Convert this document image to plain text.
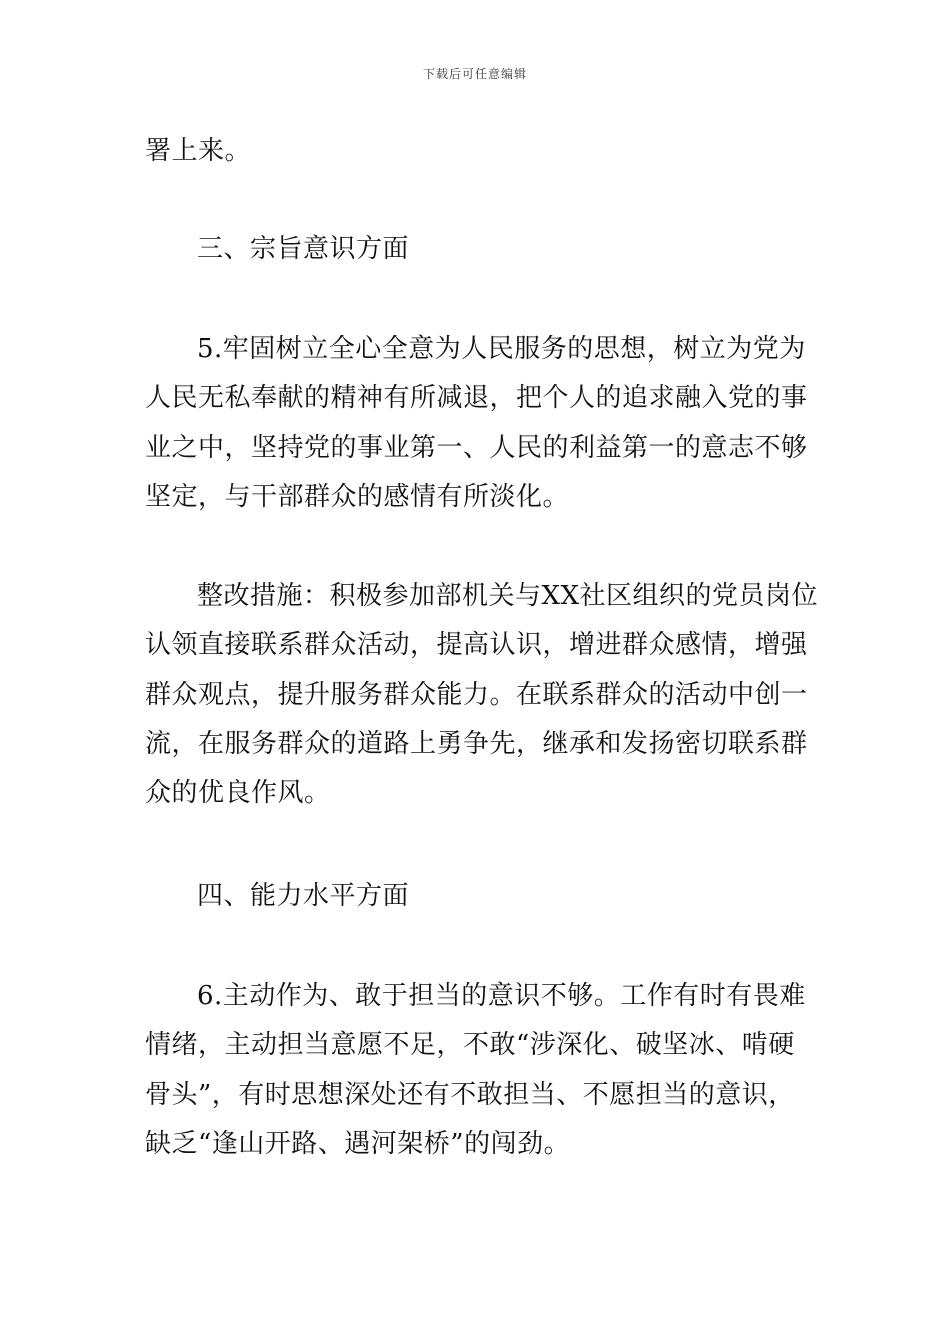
下载后可任意编辑
署上来。
三、宗旨意识方面
5.牢固树立全心全意为人民服务的思想，树立为党为
人民无私奉献的精神有所减退，把个人的追求融入党的事
业之中，坚持党的事业第一、人民的利益第一的意志不够
坚定，与干部群众的感情有所淡化。
整改措施：积极参加部机关与XX社区组织的党员岗位
认领直接联系群众活动，提高认识，增进群众感情，增强
群众观点，提升服务群众能力。在联系群众的活动中创一
流，在服务群众的道路上勇争先，继承和发扬密切联系群
众的优良作风。
四、能力水平方面
6.主动作为、敢于担当的意识不够。工作有时有畏难
情绪，主动担当意愿不足，不敢“涉深化、破坚冰、啃硬
骨头”，有时思想深处还有不敢担当、不愿担当的意识，
缺乏“逢山开路、遇河架桥”的闯劲。
